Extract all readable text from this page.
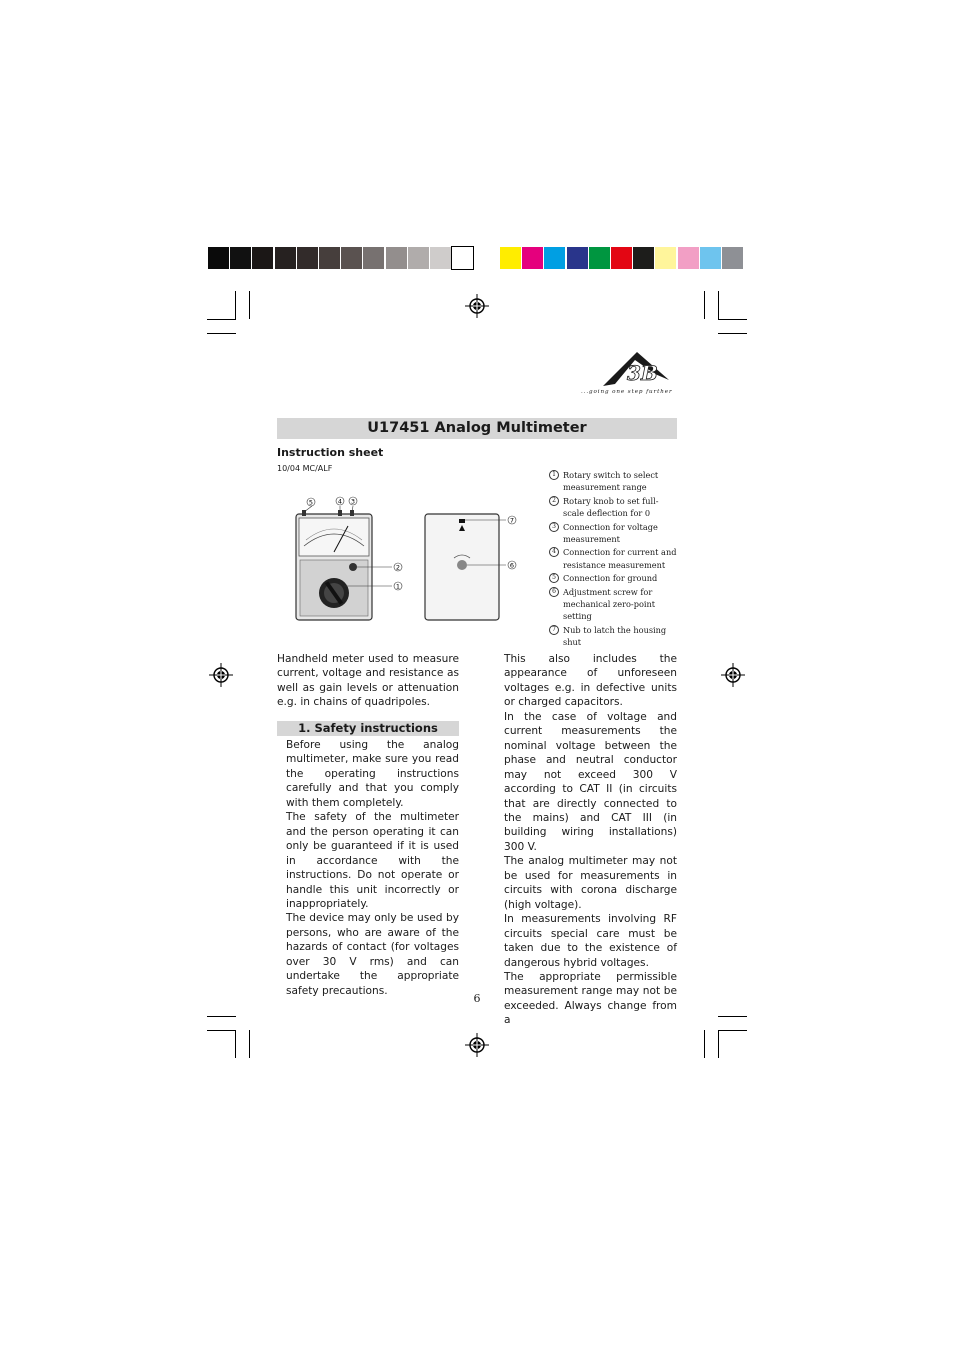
3B
...going one step further
U17451 Analog Multimeter
Instruction sheet
10/04 MC/ALF
5	4 3
2
1
7
6
1 Rotary switch to select measurement range
2 Rotary knob to set full-scale deflection for 0
3 Connection for voltage measurement
4 Connection for current and resistance measurement
5 Connection for ground
6 Adjustment screw for mechanical zero-point setting
7 Nub to latch the housing shut
Handheld meter used to measure current, voltage and resistance as well as gain levels or attenuation e.g. in chains of quadripoles.
1. Safety instructions

Before using the analog multimeter, make sure you read the operating instructions carefully and that you comply with them completely.

The safety of the multimeter and the person operating it can only be guaranteed if it is used in accordance with the instructions. Do not operate or handle this unit incorrectly or inappropriately.

The device may only be used by persons, who are aware of the hazards of contact (for voltages over 30 V rms) and can undertake the appropriate safety precautions.

This also includes the appearance of unforeseen voltages e.g. in defective units or charged capacitors.

In the case of voltage and current measurements the nominal voltage between the phase and neutral conductor may not exceed 300 V according to CAT II (in circuits that are directly connected to the mains) and CAT III (in building wiring installations) 300 V.

The analog multimeter may not be used for measurements in circuits with corona discharge (high voltage).

In measurements involving RF circuits special care must be taken due to the existence of dangerous hybrid voltages.

The appropriate permissible measurement range may not be exceeded. Always change from a

6
